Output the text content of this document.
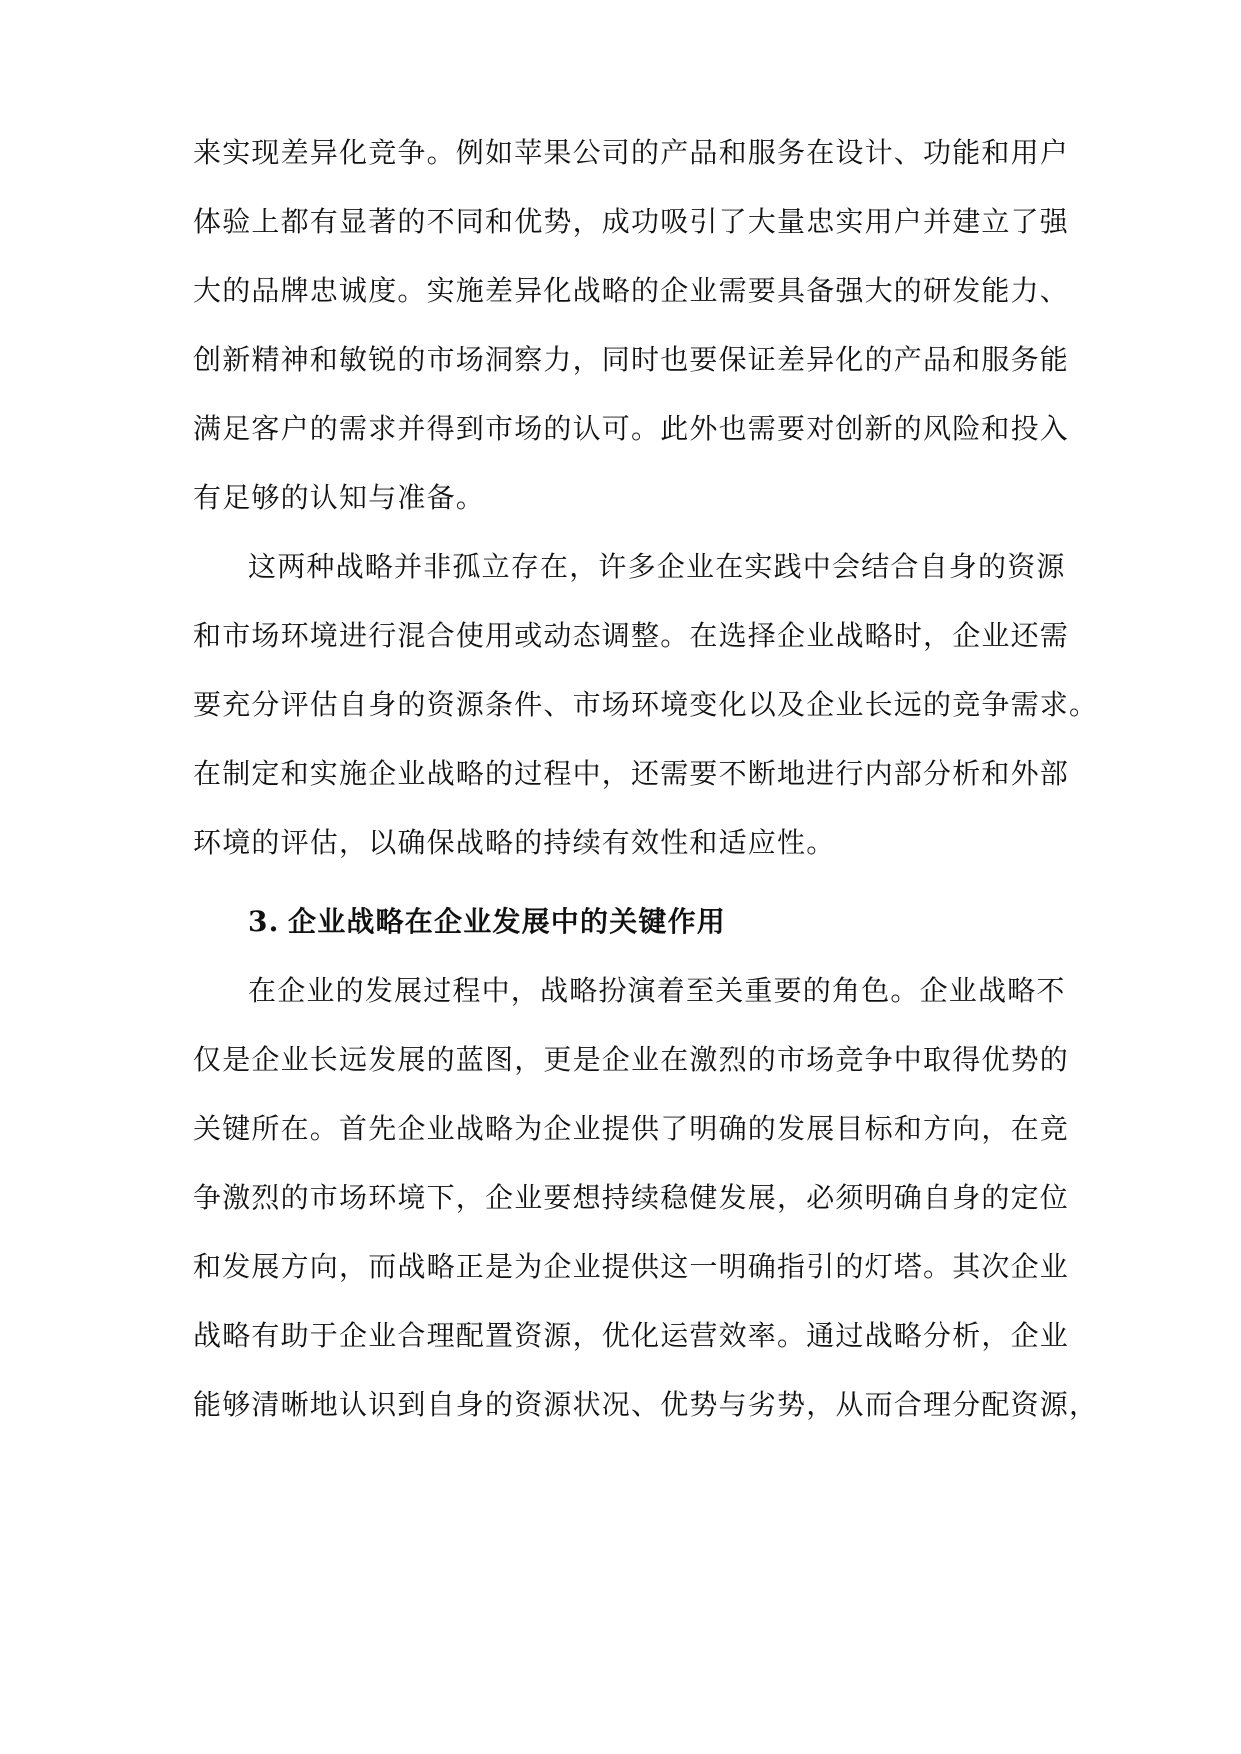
来实现差异化竞争。例如苹果公司的产品和服务在设计、功能和用户
体验上都有显著的不同和优势，成功吸引了大量忠实用户并建立了强
大的品牌忠诚度。实施差异化战略的企业需要具备强大的研发能力、
创新精神和敏锐的市场洞察力，同时也要保证差异化的产品和服务能
满足客户的需求并得到市场的认可。此外也需要对创新的风险和投入
有足够的认知与准备。
这两种战略并非孤立存在，许多企业在实践中会结合自身的资源
和市场环境进行混合使用或动态调整。在选择企业战略时，企业还需
要充分评估自身的资源条件、市场环境变化以及企业长远的竞争需求。
在制定和实施企业战略的过程中，还需要不断地进行内部分析和外部
环境的评估，以确保战略的持续有效性和适应性。
3. 企业战略在企业发展中的关键作用
在企业的发展过程中，战略扮演着至关重要的角色。企业战略不
仅是企业长远发展的蓝图，更是企业在激烈的市场竞争中取得优势的
关键所在。首先企业战略为企业提供了明确的发展目标和方向，在竞
争激烈的市场环境下，企业要想持续稳健发展，必须明确自身的定位
和发展方向，而战略正是为企业提供这一明确指引的灯塔。其次企业
战略有助于企业合理配置资源，优化运营效率。通过战略分析，企业
能够清晰地认识到自身的资源状况、优势与劣势，从而合理分配资源，
